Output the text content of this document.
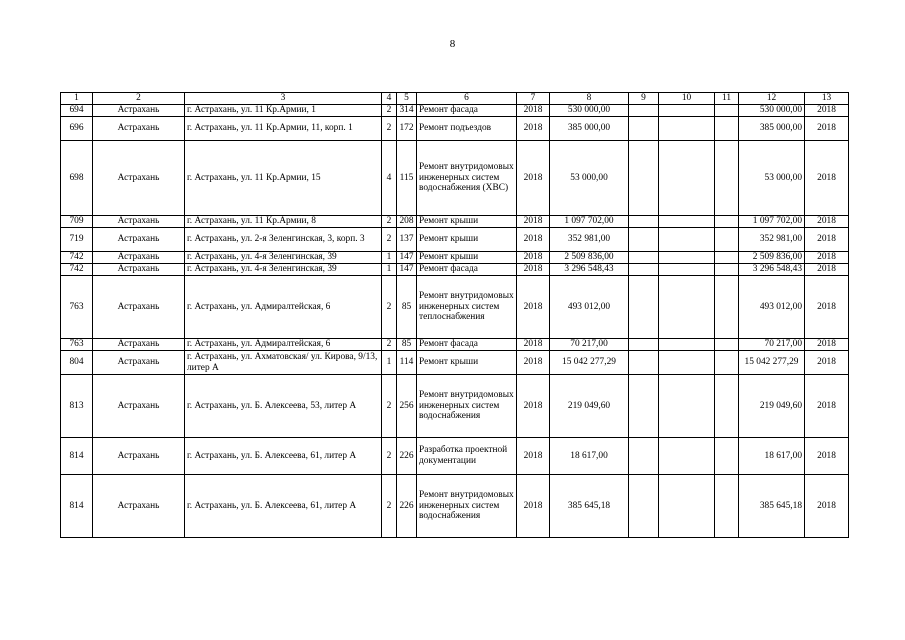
8
1	2	3	4	5	6	7	8	9	10	11	12	13
694	Астрахань	г. Астрахань, ул. 11 Кр.Армии, 1	2	314	Ремонт фасада	2018	530 000,00				530 000,00	2018
696	Астрахань	г. Астрахань, ул. 11 Кр.Армии, 11, корп. 1	2	172	Ремонт подъездов	2018	385 000,00				385 000,00	2018
698	Астрахань	г. Астрахань, ул. 11 Кр.Армии, 15	4	115	Ремонт внутридомовых инженерных систем водоснабжения (ХВС)	2018	53 000,00				53 000,00	2018
709	Астрахань	г. Астрахань, ул. 11 Кр.Армии, 8	2	208	Ремонт крыши	2018	1 097 702,00				1 097 702,00	2018
719	Астрахань	г. Астрахань, ул. 2-я Зеленгинская, 3, корп. 3	2	137	Ремонт крыши	2018	352 981,00				352 981,00	2018
742	Астрахань	г. Астрахань, ул. 4-я Зеленгинская, 39	1	147	Ремонт крыши	2018	2 509 836,00				2 509 836,00	2018
742	Астрахань	г. Астрахань, ул. 4-я Зеленгинская, 39	1	147	Ремонт фасада	2018	3 296 548,43				3 296 548,43	2018
763	Астрахань	г. Астрахань, ул. Адмиралтейская, 6	2	85	Ремонт внутридомовых инженерных систем теплоснабжения	2018	493 012,00				493 012,00	2018
763	Астрахань	г. Астрахань, ул. Адмиралтейская, 6	2	85	Ремонт фасада	2018	70 217,00				70 217,00	2018
804	Астрахань	г. Астрахань, ул. Ахматовская/ ул. Кирова, 9/13, литер А	1	114	Ремонт крыши	2018	15 042 277,29				15 042 277,29	2018
813	Астрахань	г. Астрахань, ул. Б. Алексеева, 53, литер А	2	256	Ремонт внутридомовых инженерных систем водоснабжения	2018	219 049,60				219 049,60	2018
814	Астрахань	г. Астрахань, ул. Б. Алексеева, 61, литер А	2	226	Разработка проектной документации	2018	18 617,00				18 617,00	2018
814	Астрахань	г. Астрахань, ул. Б. Алексеева, 61, литер А	2	226	Ремонт внутридомовых инженерных систем водоснабжения	2018	385 645,18				385 645,18	2018
